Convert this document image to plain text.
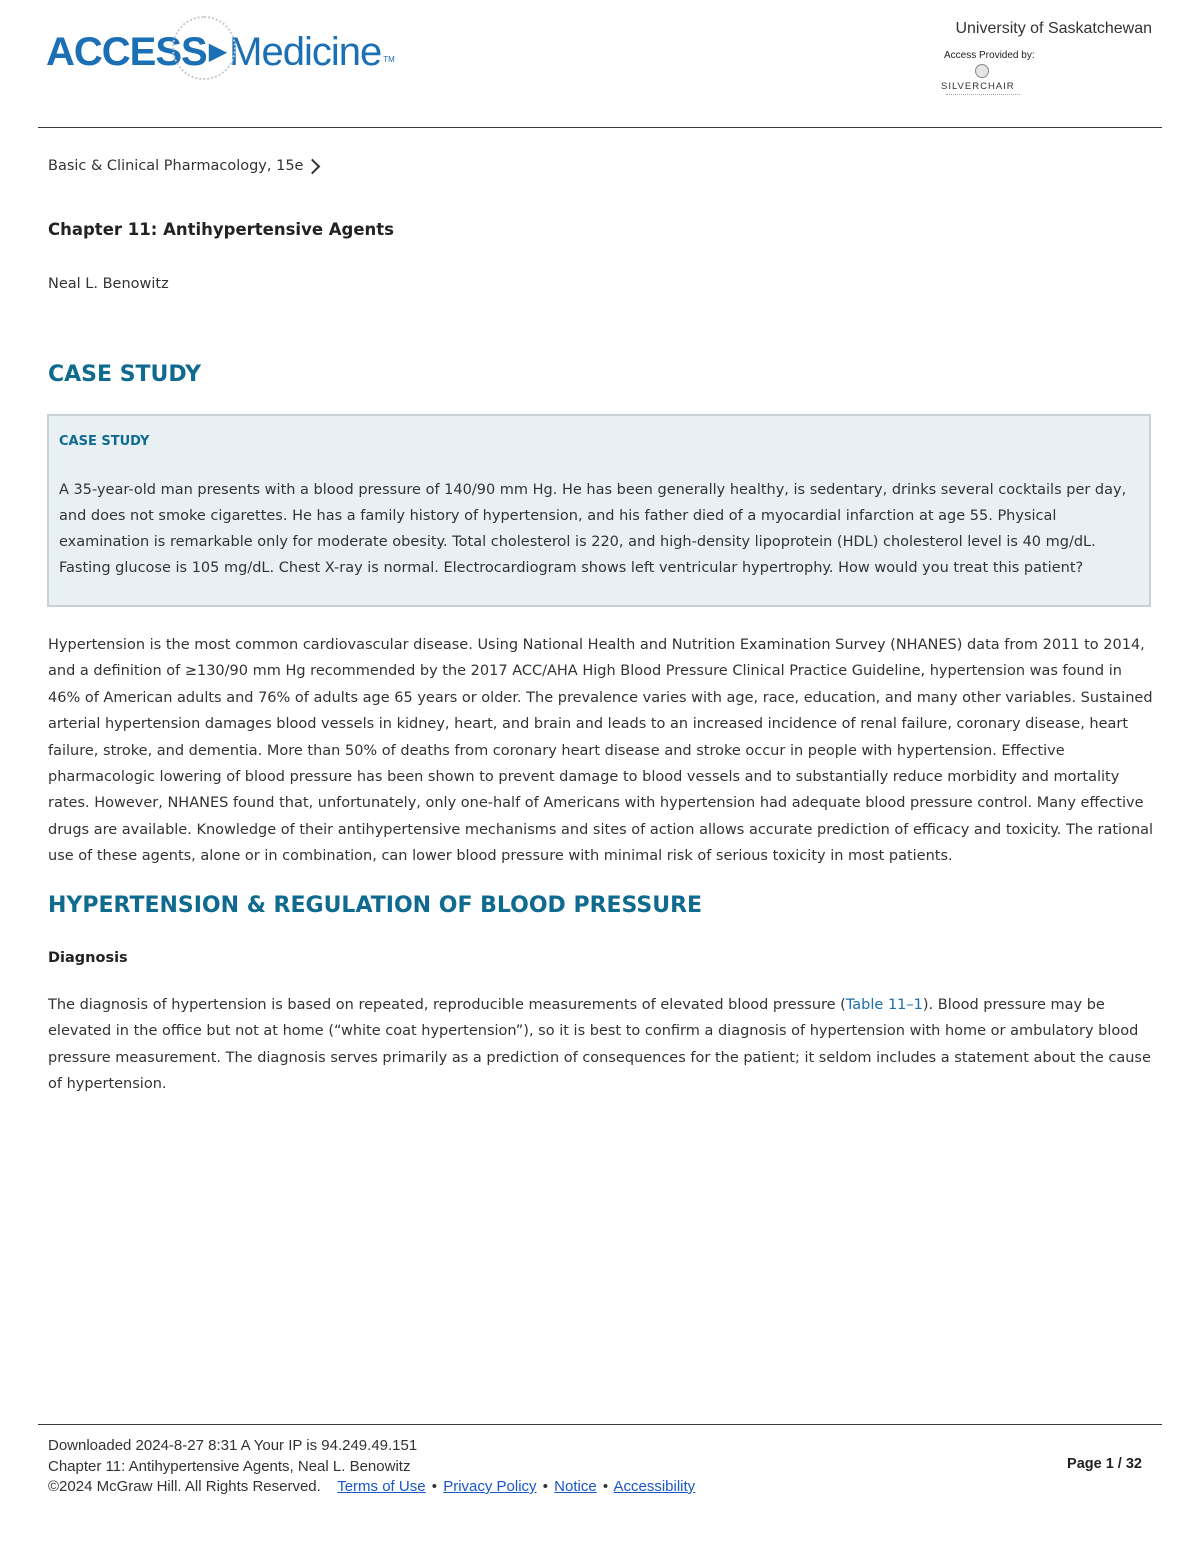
ACCESS ▶ Medicine TM
University of Saskatchewan
Access Provided by:
SILVERCHAIR
Basic & Clinical Pharmacology, 15e
Chapter 11: Antihypertensive Agents
Neal L. Benowitz
CASE STUDY
CASE STUDY

A 35-year-old man presents with a blood pressure of 140/90 mm Hg. He has been generally healthy, is sedentary, drinks several cocktails per day, and does not smoke cigarettes. He has a family history of hypertension, and his father died of a myocardial infarction at age 55. Physical examination is remarkable only for moderate obesity. Total cholesterol is 220, and high-density lipoprotein (HDL) cholesterol level is 40 mg/dL. Fasting glucose is 105 mg/dL. Chest X-ray is normal. Electrocardiogram shows left ventricular hypertrophy. How would you treat this patient?

Hypertension is the most common cardiovascular disease. Using National Health and Nutrition Examination Survey (NHANES) data from 2011 to 2014, and a definition of ≥130/90 mm Hg recommended by the 2017 ACC/AHA High Blood Pressure Clinical Practice Guideline, hypertension was found in 46% of American adults and 76% of adults age 65 years or older. The prevalence varies with age, race, education, and many other variables. Sustained arterial hypertension damages blood vessels in kidney, heart, and brain and leads to an increased incidence of renal failure, coronary disease, heart failure, stroke, and dementia. More than 50% of deaths from coronary heart disease and stroke occur in people with hypertension. Effective pharmacologic lowering of blood pressure has been shown to prevent damage to blood vessels and to substantially reduce morbidity and mortality rates. However, NHANES found that, unfortunately, only one-half of Americans with hypertension had adequate blood pressure control. Many effective drugs are available. Knowledge of their antihypertensive mechanisms and sites of action allows accurate prediction of efficacy and toxicity. The rational use of these agents, alone or in combination, can lower blood pressure with minimal risk of serious toxicity in most patients.

HYPERTENSION & REGULATION OF BLOOD PRESSURE
Diagnosis

The diagnosis of hypertension is based on repeated, reproducible measurements of elevated blood pressure (Table 11–1). Blood pressure may be elevated in the office but not at home (“white coat hypertension”), so it is best to confirm a diagnosis of hypertension with home or ambulatory blood pressure measurement. The diagnosis serves primarily as a prediction of consequences for the patient; it seldom includes a statement about the cause of hypertension.

Downloaded 2024-8-27 8:31 A Your IP is 94.249.49.151
Chapter 11: Antihypertensive Agents, Neal L. Benowitz
©2024 McGraw Hill. All Rights Reserved. Terms of Use • Privacy Policy • Notice • Accessibility
Page 1 / 32
